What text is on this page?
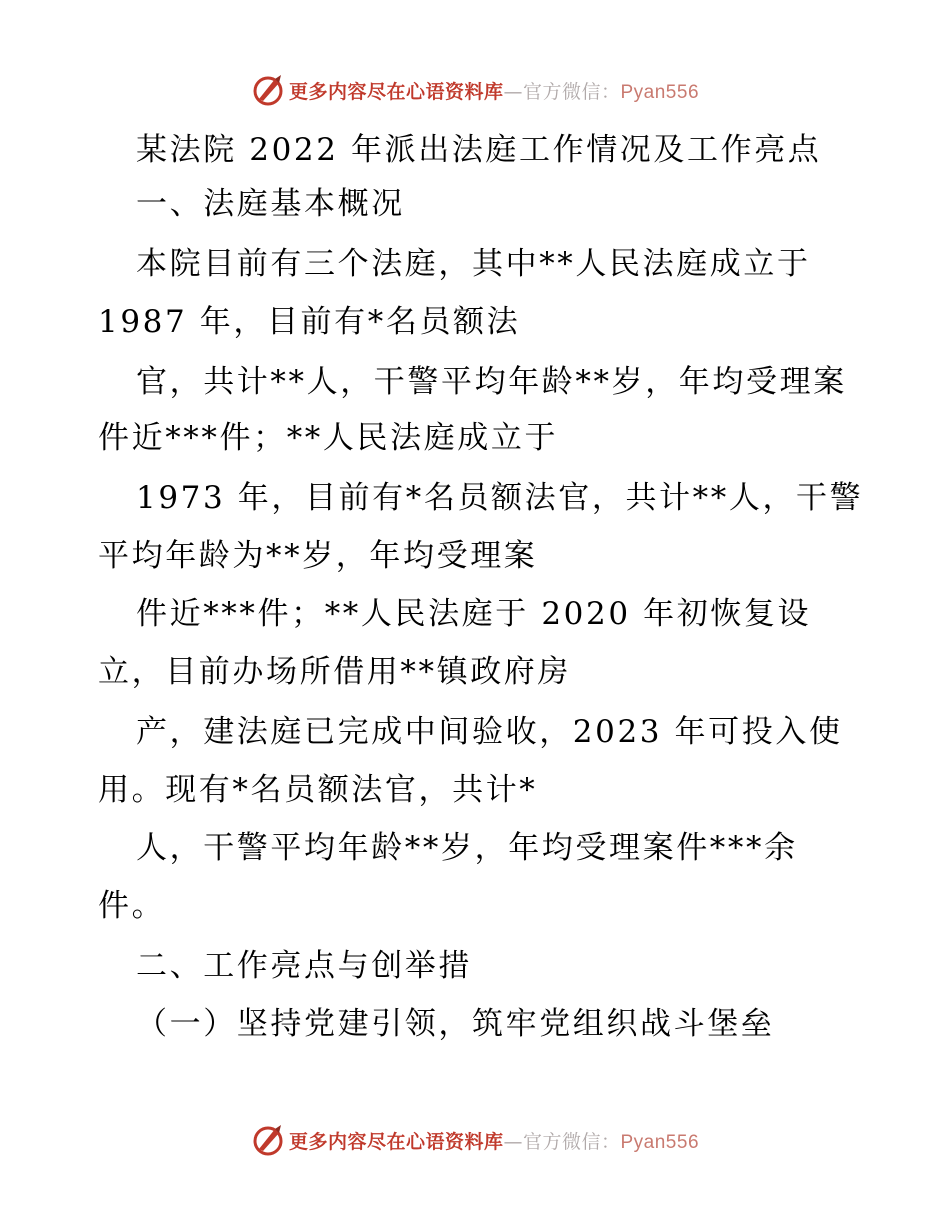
更多内容尽在心语资料库—官方微信：Pyan556
某法院 2022 年派出法庭工作情况及工作亮点
一、法庭基本概况
本院目前有三个法庭，其中**人民法庭成立于
1987 年，目前有*名员额法
官，共计**人，干警平均年龄**岁，年均受理案
件近***件；**人民法庭成立于
1973 年，目前有*名员额法官，共计**人，干警
平均年龄为**岁，年均受理案
件近***件；**人民法庭于 2020 年初恢复设
立，目前办场所借用**镇政府房
产，建法庭已完成中间验收，2023 年可投入使
用。现有*名员额法官，共计*
人，干警平均年龄**岁，年均受理案件***余
件。
二、工作亮点与创举措
（一）坚持党建引领，筑牢党组织战斗堡垒
更多内容尽在心语资料库—官方微信：Pyan556
